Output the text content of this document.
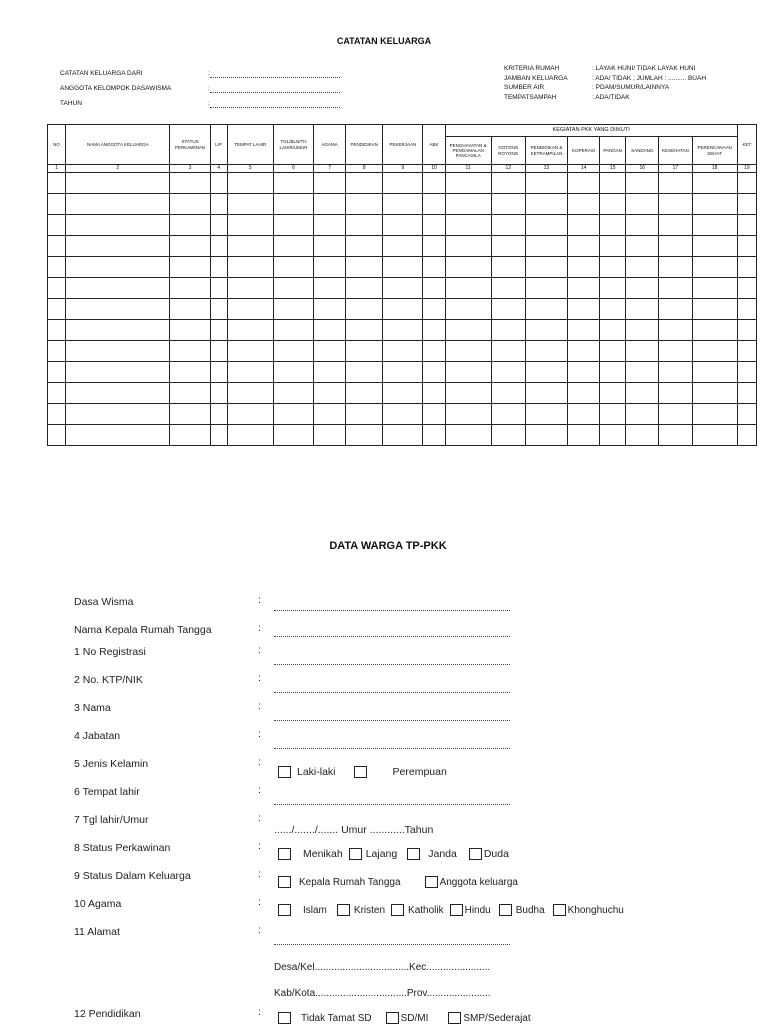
CATATAN KELUARGA
CATATAN KELUARGA DARI	:
ANGGOTA KELOMPOK DASAWISMA	:
TAHUN	:
KRITERIA RUMAH	: LAYAK HUNI/ TIDAK LAYAK HUNI
JAMBAN KELUARGA	: ADA/ TIDAK , JUMLAH : .......... BUAH
SUMBER AIR	: PDAM/SUMUR/LAINNYA
TEMPATSAMPAH	: ADA/TIDAK
NO	NAMA ANGGOTA KELUARGA	STATUS PERKAWINAN	L/P	TEMPAT LAHIR	TGL/BLN/TH LAHIR/UMUR	AGAMA	PENDIDIKAN	PEKERJAAN	ABK	KEGIATAN PKK YANG DIIKUTI								KET
										PENGHAYATAN & PENGAMALAN PANCASILA	GOTONG ROYONG	PENDIDIKAN & KETRAMPILAN	KOPERASI	PANGAN	SANDANG	KESEHATAN	PERENCANAAN SEHAT	
1	2	3	4	5	6	7	8	9	10	11	12	13	14	15	16	17	18	19

DATA WARGA TP-PKK
Dasa Wisma	:
Nama Kepala Rumah Tangga	:
1 No Registrasi	:
2 No. KTP/NIK	:
3 Nama	:
4 Jabatan	:
5 Jenis Kelamin	:
Laki-laki	Perempuan
6 Tempat lahir	:
7 Tgl lahir/Umur	:
....../......./....... Umur ............Tahun
8 Status Perkawinan	:
Menikah Lajang	Janda	Duda
9 Status Dalam Keluarga	:
Kepala Rumah Tangga	Anggota keluarga
10 Agama	:
Islam	Kristen Katholik Hindu	Budha Khonghuchu
11 Alamat	:
Desa/Kel..................................Kec.......................
Kab/Kota.................................Prov.......................
12 Pendidikan	:	Tidak Tamat SD	SD/MI	SMP/Sederajat
